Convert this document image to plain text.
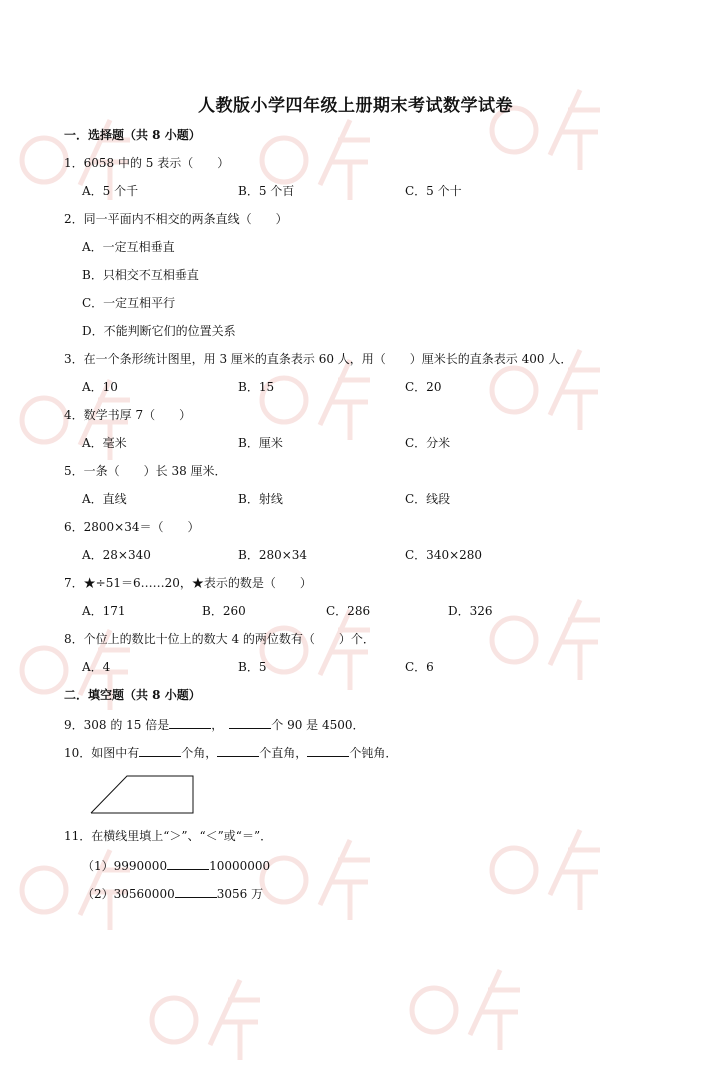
人教版小学四年级上册期末考试数学试卷
一．选择题（共 8 小题）
1．6058 中的 5 表示（　　）
A．5 个千	B．5 个百	C．5 个十
2．同一平面内不相交的两条直线（　　）
A．一定互相垂直
B．只相交不互相垂直
C．一定互相平行
D．不能判断它们的位置关系
3．在一个条形统计图里，用 3 厘米的直条表示 60 人，用（　　）厘米长的直条表示 400 人．
A．10	B．15	C．20
4．数学书厚 7（　　）
A．毫米	B．厘米	C．分米
5．一条（　　）长 38 厘米．
A．直线	B．射线	C．线段
6．2800×34＝（　　）
A．28×340	B．280×34	C．340×280
7．★÷51＝6……20，★表示的数是（　　）
A．171	B．260	C．286	D．326
8．个位上的数比十位上的数大 4 的两位数有（　　）个．
A．4	B．5	C．6
二．填空题（共 8 小题）
9．308 的 15 倍是	，	个 90 是 4500．
10．如图中有	个角，	个直角，	个钝角．
11．在横线里填上“＞”、“＜”或“＝”．
（1）9990000	10000000
（2）30560000	3056 万
